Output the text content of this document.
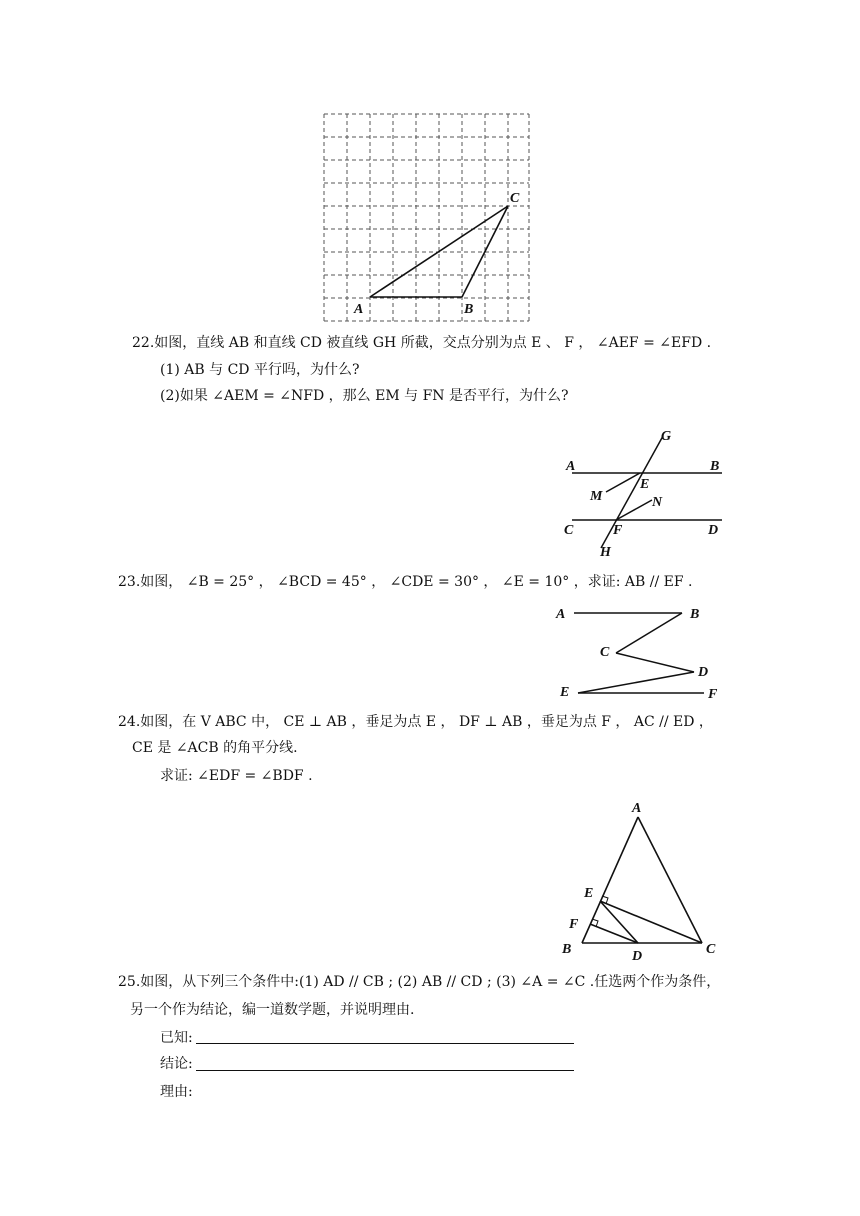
A	B
C
22.如图，直线 AB 和直线 CD 被直线 GH 所截，交点分别为点 E 、 F ， ∠AEF = ∠EFD .
(1) AB 与 CD 平行吗，为什么?
(2)如果 ∠AEM = ∠NFD ，那么 EM 与 FN 是否平行，为什么?
G
A	B
E
M	N
C	F	D
H
23.如图， ∠B = 25° ， ∠BCD = 45° ， ∠CDE = 30° ， ∠E = 10° ，求证: AB // EF .
A	B
C
D
E	F
24.如图，在 V ABC 中， CE ⊥ AB ，垂足为点 E ， DF ⊥ AB ，垂足为点 F ， AC // ED ，
CE 是 ∠ACB 的角平分线.
求证: ∠EDF = ∠BDF .
A
E
F
B	D	C
25.如图，从下列三个条件中:(1) AD // CB ; (2) AB // CD ; (3) ∠A = ∠C .任选两个作为条件，
另一个作为结论，编一道数学题，并说明理由.
已知:
结论:
理由:
